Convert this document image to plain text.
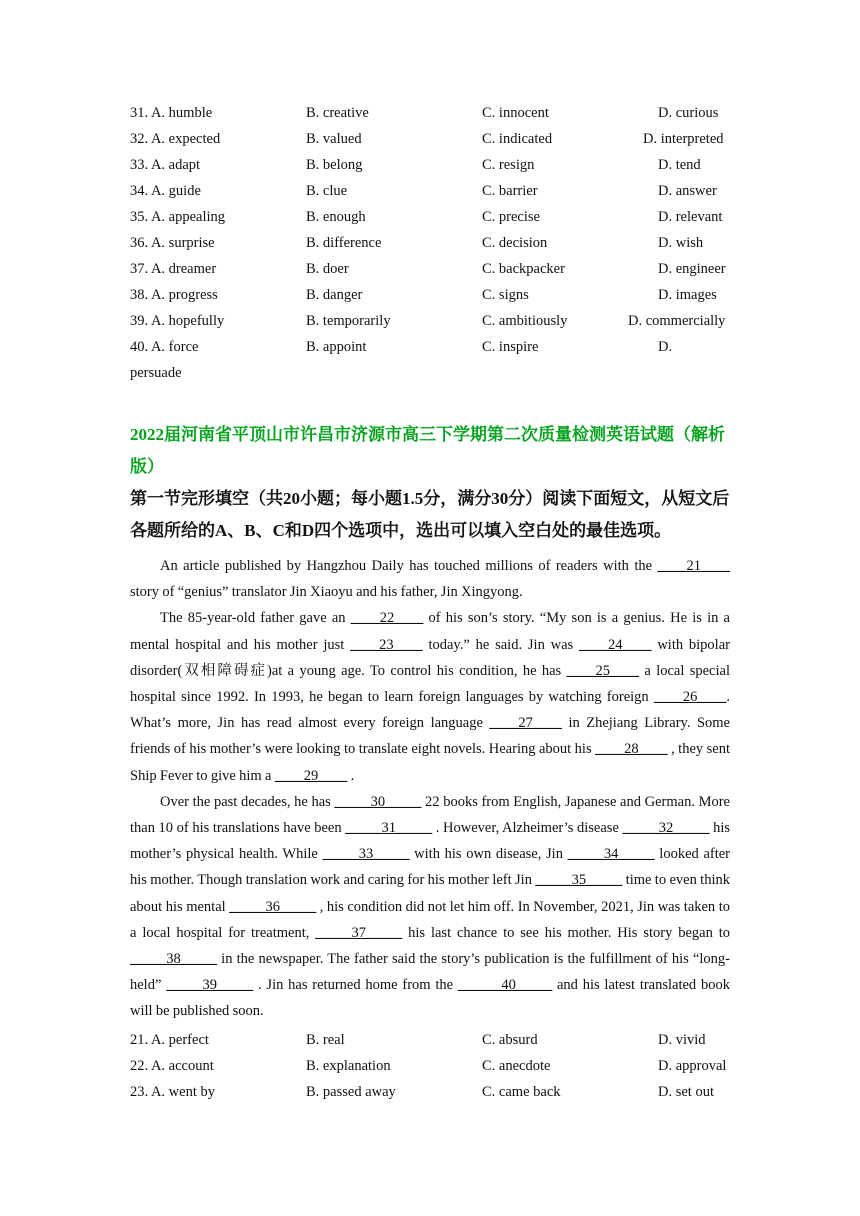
31. A. humble	B. creative	C. innocent	D. curious
32. A. expected	B. valued	C. indicated	D. interpreted
33. A. adapt	B. belong	C. resign	D. tend
34. A. guide	B. clue	C. barrier	D. answer
35. A. appealing	B. enough	C. precise	D. relevant
36. A. surprise	B. difference	C. decision	D. wish
37. A. dreamer	B. doer	C. backpacker	D. engineer
38. A. progress	B. danger	C. signs	D. images
39. A. hopefully	B. temporarily	C. ambitiously	D. commercially
40. A. force	B. appoint	C. inspire	D.
persuade
2022届河南省平顶山市许昌市济源市高三下学期第二次质量检测英语试题（解析版）
第一节完形填空（共20小题；每小题1.5分，满分30分）阅读下面短文，从短文后各题所给的A、B、C和D四个选项中，选出可以填入空白处的最佳选项。

An article published by Hangzhou Daily has touched millions of readers with the ____21____ story of “genius” translator Jin Xiaoyu and his father, Jin Xingyong.

The 85-year-old father gave an ____22____ of his son’s story. “My son is a genius. He is in a mental hospital and his mother just ____23____ today.” he said. Jin was ____24____ with bipolar disorder(双相障碍症)at a young age. To control his condition, he has ____25____ a local special hospital since 1992. In 1993, he began to learn foreign languages by watching foreign ____26____. What’s more, Jin has read almost every foreign language ____27____ in Zhejiang Library. Some friends of his mother’s were looking to translate eight novels. Hearing about his ____28____ , they sent Ship Fever to give him a ____29____ .

Over the past decades, he has _____30_____ 22 books from English, Japanese and German. More than 10 of his translations have been _____31_____ . However, Alzheimer’s disease _____32_____ his mother’s physical health. While _____33_____ with his own disease, Jin _____34_____ looked after his mother. Though translation work and caring for his mother left Jin _____35_____ time to even think about his mental _____36_____ , his condition did not let him off. In November, 2021, Jin was taken to a local hospital for treatment, _____37_____ his last chance to see his mother. His story began to _____38_____ in the newspaper. The father said the story’s publication is the fulfillment of his “long-held” _____39_____ . Jin has returned home from the ______40_____ and his latest translated book will be published soon.

21. A. perfect	B. real	C. absurd	D. vivid
22. A. account	B. explanation	C. anecdote	D. approval
23. A. went by	B. passed away	C. came back	D. set out
